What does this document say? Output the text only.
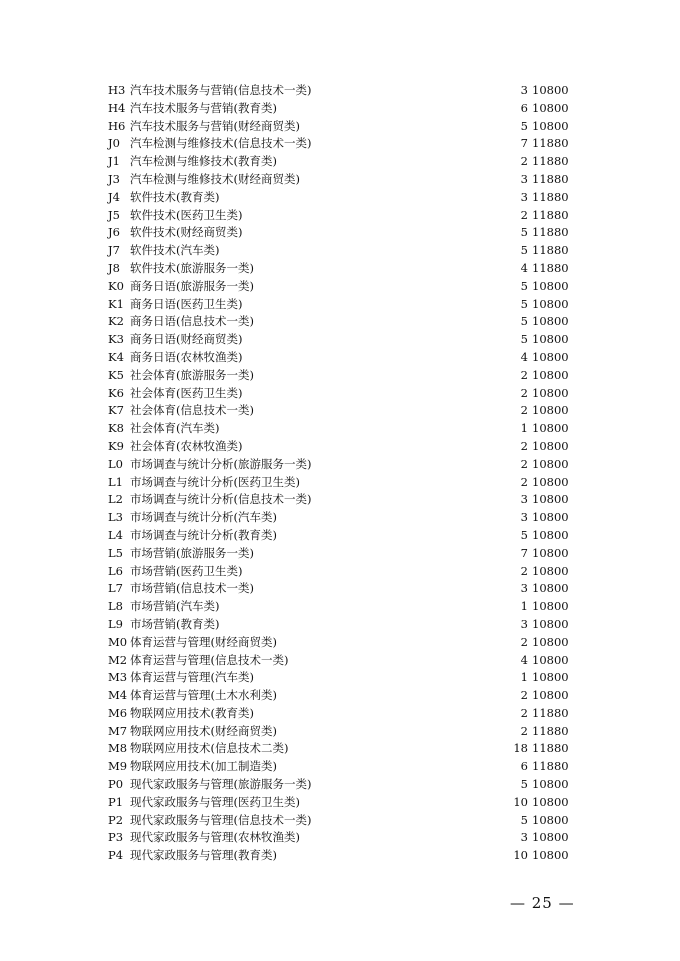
H3 汽车技术服务与营销(信息技术一类)	3 10800
H4 汽车技术服务与营销(教育类)	6 10800
H6 汽车技术服务与营销(财经商贸类)	5 10800
J0 汽车检测与维修技术(信息技术一类)	7 11880
J1 汽车检测与维修技术(教育类)	2 11880
J3 汽车检测与维修技术(财经商贸类)	3 11880
J4 软件技术(教育类)	3 11880
J5 软件技术(医药卫生类)	2 11880
J6 软件技术(财经商贸类)	5 11880
J7 软件技术(汽车类)	5 11880
J8 软件技术(旅游服务一类)	4 11880
K0 商务日语(旅游服务一类)	5 10800
K1 商务日语(医药卫生类)	5 10800
K2 商务日语(信息技术一类)	5 10800
K3 商务日语(财经商贸类)	5 10800
K4 商务日语(农林牧渔类)	4 10800
K5 社会体育(旅游服务一类)	2 10800
K6 社会体育(医药卫生类)	2 10800
K7 社会体育(信息技术一类)	2 10800
K8 社会体育(汽车类)	1 10800
K9 社会体育(农林牧渔类)	2 10800
L0 市场调查与统计分析(旅游服务一类)	2 10800
L1 市场调查与统计分析(医药卫生类)	2 10800
L2 市场调查与统计分析(信息技术一类)	3 10800
L3 市场调查与统计分析(汽车类)	3 10800
L4 市场调查与统计分析(教育类)	5 10800
L5 市场营销(旅游服务一类)	7 10800
L6 市场营销(医药卫生类)	2 10800
L7 市场营销(信息技术一类)	3 10800
L8 市场营销(汽车类)	1 10800
L9 市场营销(教育类)	3 10800
M0 体育运营与管理(财经商贸类)	2 10800
M2 体育运营与管理(信息技术一类)	4 10800
M3 体育运营与管理(汽车类)	1 10800
M4 体育运营与管理(土木水利类)	2 10800
M6 物联网应用技术(教育类)	2 11880
M7 物联网应用技术(财经商贸类)	2 11880
M8 物联网应用技术(信息技术二类)	18 11880
M9 物联网应用技术(加工制造类)	6 11880
P0 现代家政服务与管理(旅游服务一类)	5 10800
P1 现代家政服务与管理(医药卫生类)	10 10800
P2 现代家政服务与管理(信息技术一类)	5 10800
P3 现代家政服务与管理(农林牧渔类)	3 10800
P4 现代家政服务与管理(教育类)	10 10800
— 25 —
